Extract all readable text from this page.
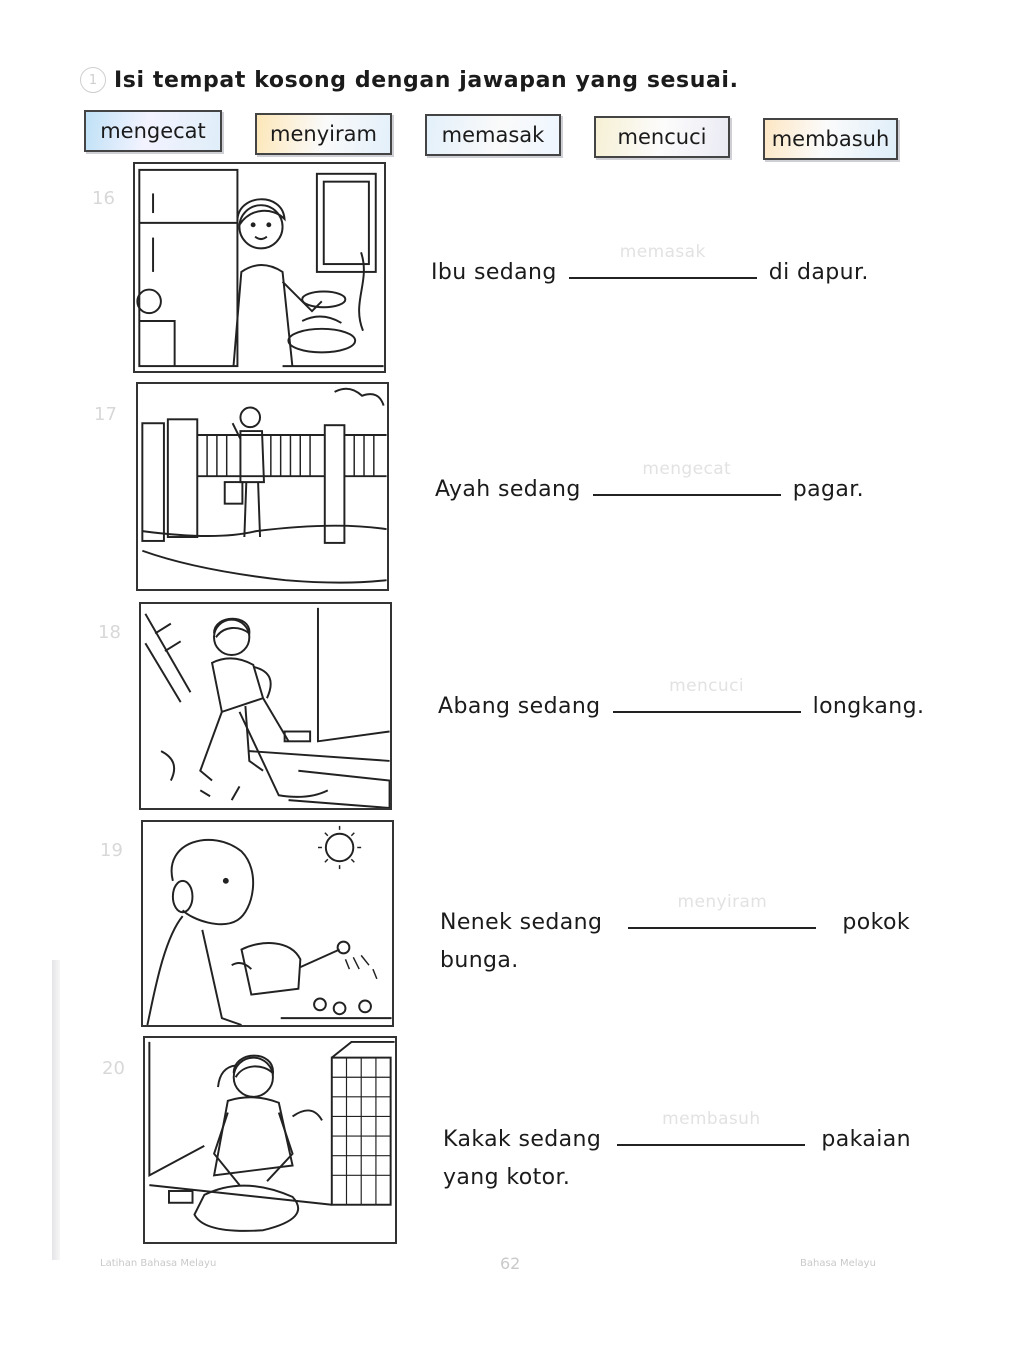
1 Isi tempat kosong dengan jawapan yang sesuai.
mengecat	menyiram	memasak	mencuci	membasuh
16
17
18
19
20
Ibu sedang
memasak
di dapur.
Ayah sedang
mengecat
pagar.
Abang sedang
mencuci
longkang.
Nenek sedang
menyiram
pokok
bunga.
Kakak sedang
membasuh
pakaian
yang kotor.
Latihan Bahasa Melayu	62	Bahasa Melayu
